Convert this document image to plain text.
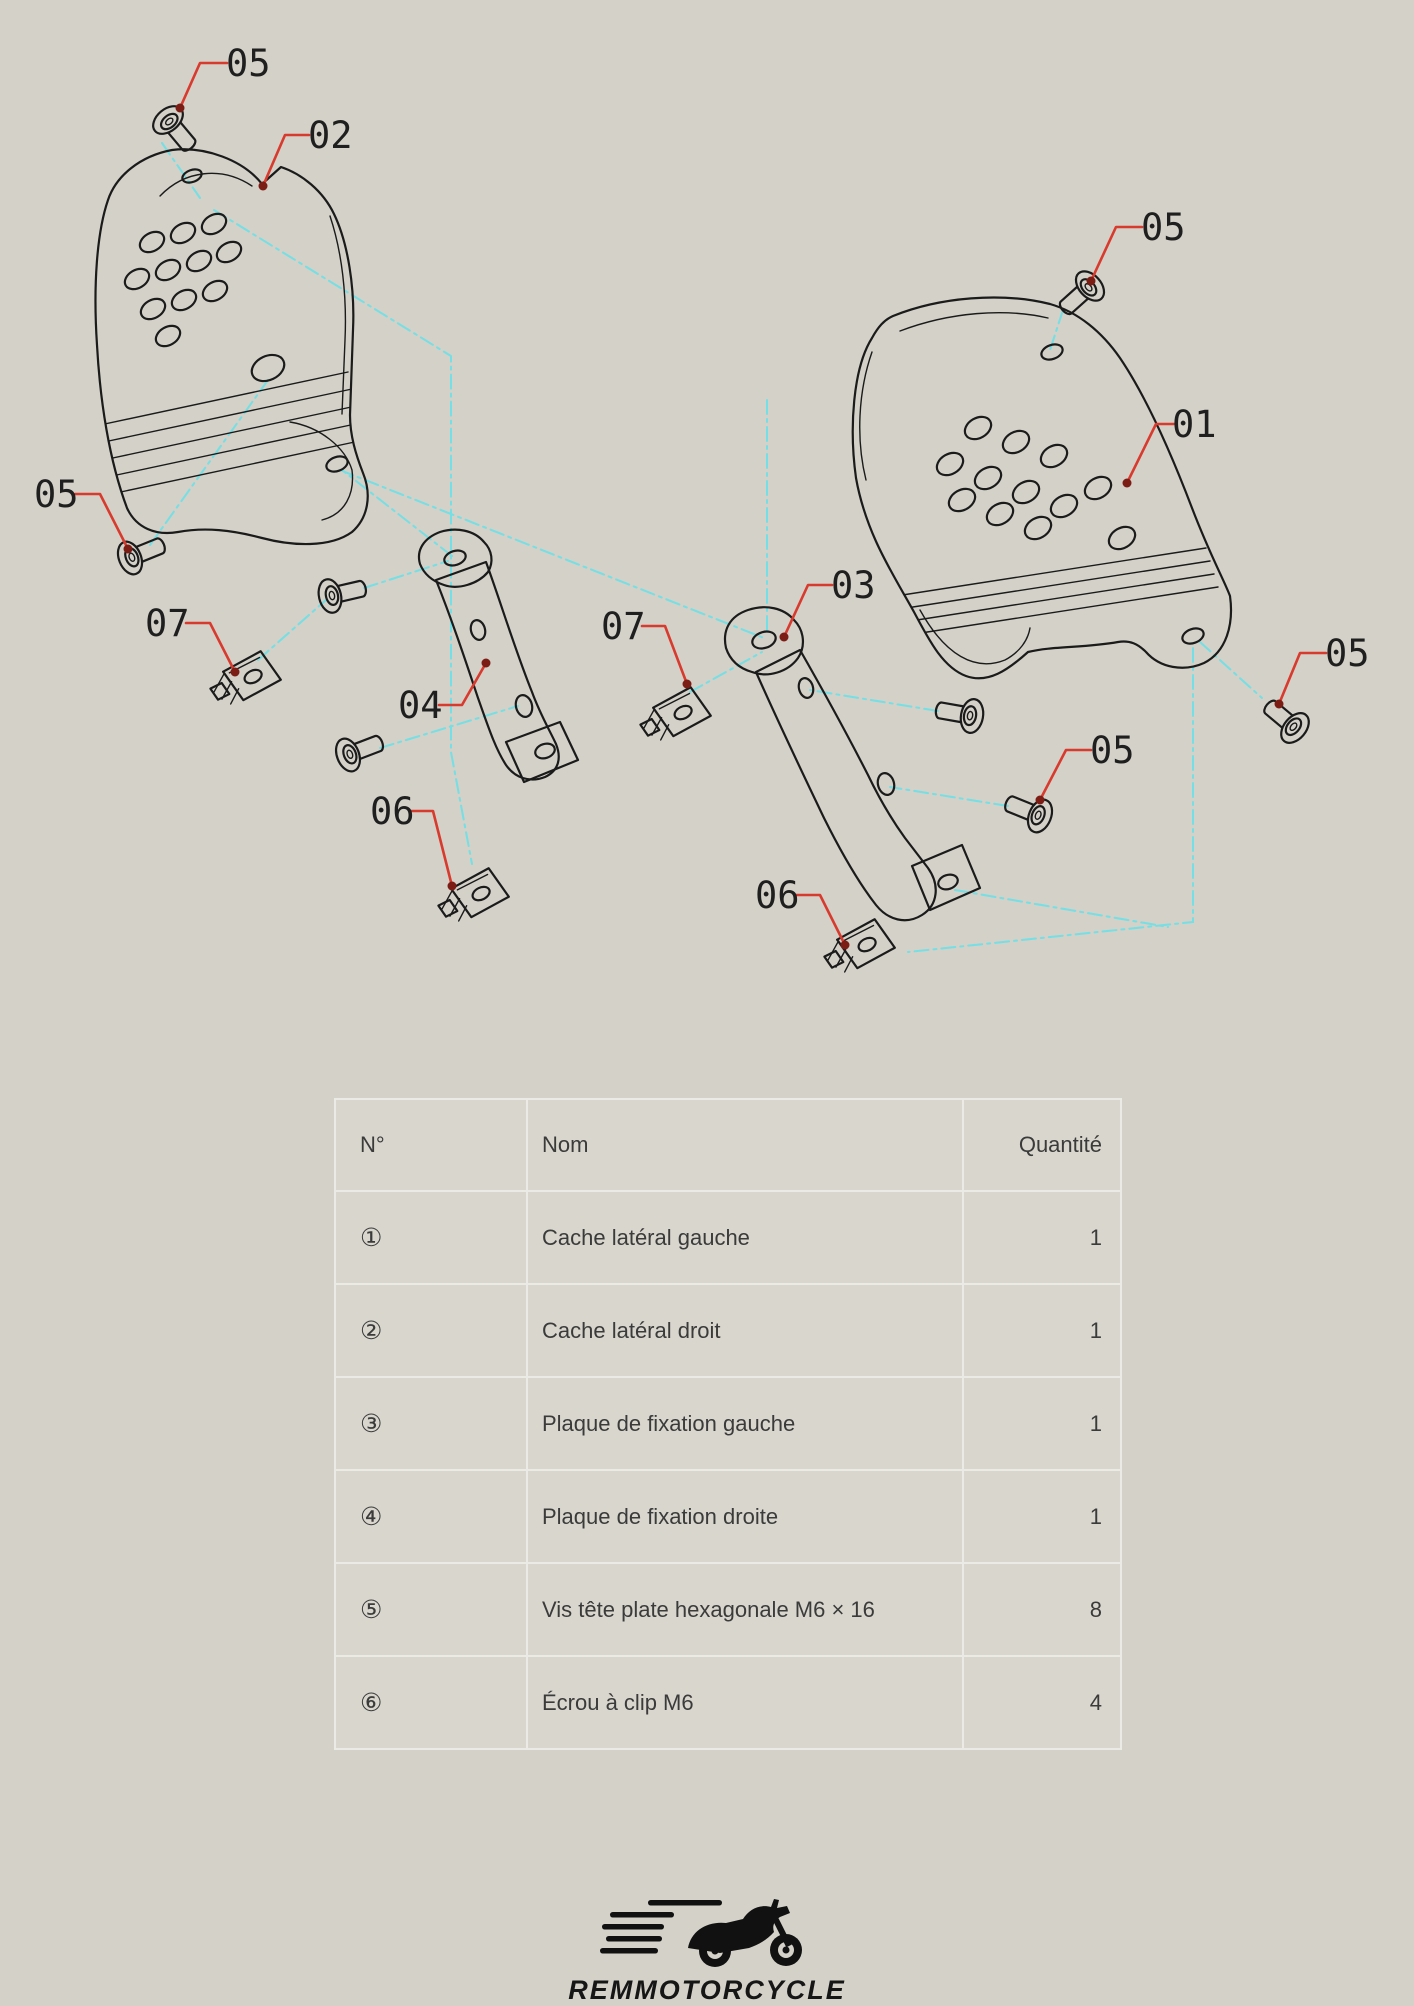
05
02
05
01
03
07
05
05
06
05
07
04
06
N°	Nom	Quantité
①	Cache latéral gauche	1
②	Cache latéral droit	1
③	Plaque de fixation gauche	1
④	Plaque de fixation droite	1
⑤	Vis tête plate hexagonale M6 × 16	8
⑥	Écrou à clip M6	4
REMMOTORCYCLE
